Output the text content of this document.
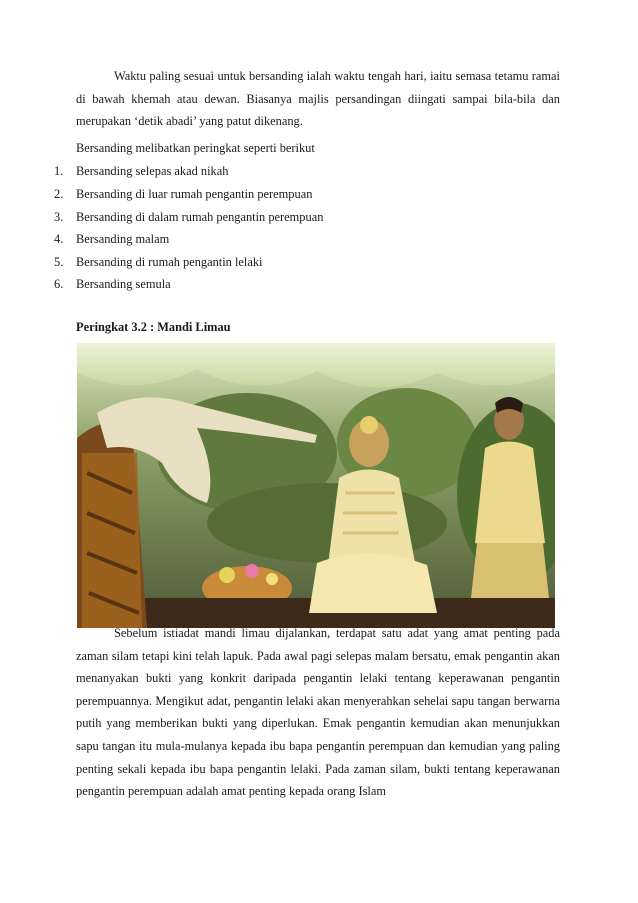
Waktu paling sesuai untuk bersanding ialah waktu tengah hari, iaitu semasa tetamu ramai di bawah khemah atau dewan. Biasanya majlis persandingan diingati sampai bila-bila dan merupakan ‘detik abadi’ yang patut dikenang.

Bersanding melibatkan peringkat seperti berikut
1. Bersanding selepas akad nikah
2. Bersanding di luar rumah pengantin perempuan
3. Bersanding di dalam rumah pengantin perempuan
4. Bersanding malam
5. Bersanding di rumah pengantin lelaki
6. Bersanding semula
Peringkat 3.2 : Mandi Limau

Sebelum istiadat mandi limau dijalankan, terdapat satu adat yang amat penting pada zaman silam tetapi kini telah lapuk. Pada awal pagi selepas malam bersatu, emak pengantin akan menanyakan bukti yang konkrit daripada pengantin lelaki tentang keperawanan pengantin perempuannya. Mengikut adat, pengantin lelaki akan menyerahkan sehelai sapu tangan berwarna putih yang memberikan bukti yang diperlukan. Emak pengantin kemudian akan menunjukkan sapu tangan itu mula-mulanya kepada ibu bapa pengantin perempuan dan kemudian yang paling penting sekali kepada ibu bapa pengantin lelaki. Pada zaman silam, bukti tentang keperawanan pengantin perempuan adalah amat penting kepada orang Islam
